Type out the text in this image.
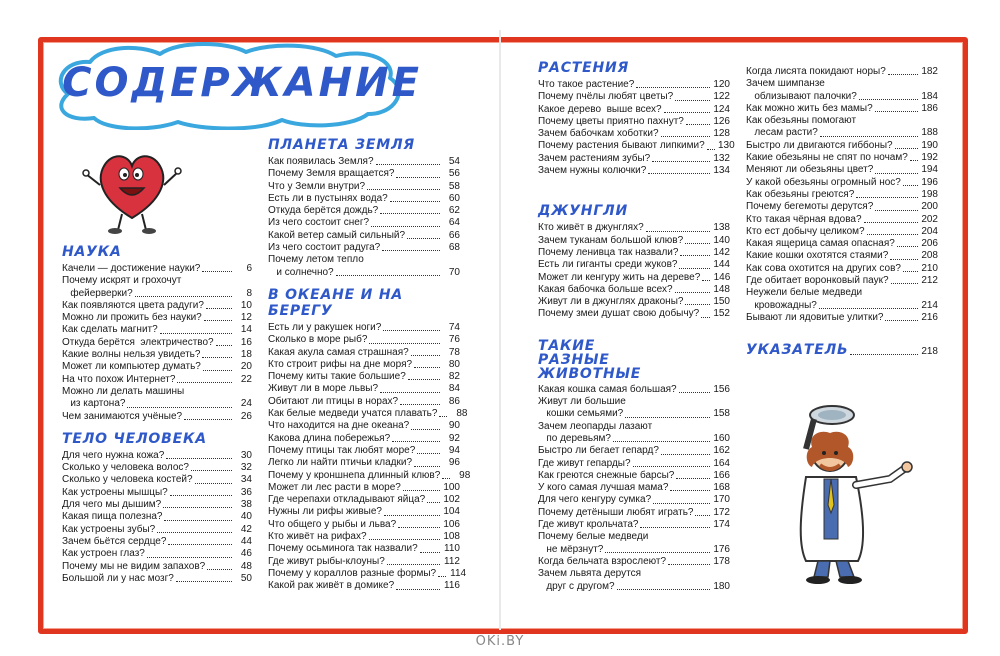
СОДЕРЖАНИЕ
НАУКА
Качели — достижение науки?	6
Почему искрят и грохочут
фейерверки?	8
Как появляются цвета радуги?	10
Можно ли прожить без науки?	12
Как сделать магнит?	14
Откуда берётся  электричество?	16
Какие волны нельзя увидеть?	18
Может ли компьютер думать?	20
На что похож Интернет?	22
Можно ли делать машины
из картона?	24
Чем занимаются учёные?	26
ТЕЛО ЧЕЛОВЕКА
Для чего нужна кожа?	30
Сколько у человека волос?	32
Сколько у человека костей?	34
Как устроены мышцы?	36
Для чего мы дышим?	38
Какая пища полезна?	40
Как устроены зубы?	42
Зачем бьётся сердце?	44
Как устроен глаз?	46
Почему мы не видим запахов?	48
Большой ли у нас мозг?	50
ПЛАНЕТА ЗЕМЛЯ
Как появилась Земля?	54
Почему Земля вращается?	56
Что у Земли внутри?	58
Есть ли в пустынях вода?	60
Откуда берётся дождь?	62
Из чего состоит снег?	64
Какой ветер самый сильный?	66
Из чего состоит радуга?	68
Почему летом тепло
и солнечно?	70
В ОКЕАНЕ И НА БЕРЕГУ
Есть ли у ракушек ноги?	74
Сколько в море рыб?	76
Какая акула самая страшная?	78
Кто строит рифы на дне моря?	80
Почему киты такие большие?	82
Живут ли в море львы?	84
Обитают ли птицы в норах?	86
Как белые медведи учатся плавать?	88
Что находится на дне океана?	90
Какова длина побережья?	92
Почему птицы так любят море?	94
Легко ли найти птичьи кладки?	96
Почему у кроншнепа длинный клюв?	98
Может ли лес расти в море?	100
Где черепахи откладывают яйца? 102
Нужны ли рифы живые?	104
Что общего у рыбы и льва?	106
Кто живёт на рифах?	108
Почему осьминога так назвали?	110
Где живут рыбы-клоуны?	112
Почему у кораллов разные формы? 114
Какой рак живёт в домике?	116
РАСТЕНИЯ
Что такое растение?	120
Почему пчёлы любят цветы?	122
Какое дерево  выше всех?	124
Почему цветы приятно пахнут?	126
Зачем бабочкам хоботки?	128
Почему растения бывают липкими? 130
Зачем растениям зубы?	132
Зачем нужны колючки?	134
ДЖУНГЛИ
Кто живёт в джунглях?	138
Зачем туканам большой клюв?	140
Почему ленивца так назвали?	142
Есть ли гиганты среди жуков?	144
Может ли кенгуру жить на дереве? 146
Какая бабочка больше всех?	148
Живут ли в джунглях драконы?	150
Почему змеи душат свою добычу? 152
ТАКИЕ РАЗНЫЕ ЖИВОТНЫЕ
Какая кошка самая большая?	156
Живут ли большие
кошки семьями?	158
Зачем леопарды лазают
по деревьям?	160
Быстро ли бегает гепард?	162
Где живут гепарды?	164
Как греются снежные барсы?	166
У кого самая лучшая мама?	168
Для чего кенгуру сумка?	170
Почему детёныши любят играть? 172
Где живут крольчата?	174
Почему белые медведи
не мёрзнут?	176
Когда бельчата взрослеют?	178
Зачем львята дерутся
друг с другом?	180
Когда лисята покидают норы?	182
Зачем шимпанзе
облизывают палочки?	184
Как можно жить без мамы?	186
Как обезьяны помогают
лесам расти?	188
Быстро ли двигаются гиббоны?	190
Какие обезьяны не спят по ночам? 192
Меняют ли обезьяны цвет?	194
У какой обезьяны огромный нос? 196
Как обезьяны греются?	198
Почему бегемоты дерутся?	200
Кто такая чёрная вдова?	202
Кто ест добычу целиком?	204
Какая ящерица самая опасная?	206
Какие кошки охотятся стаями?	208
Как сова охотится на других сов? 210
Где обитает воронковый паук?	212
Неужели белые медведи
кровожадны?	214
Бывают ли ядовитые улитки?	216
УКАЗАТЕЛЬ	218
OKi.BY
